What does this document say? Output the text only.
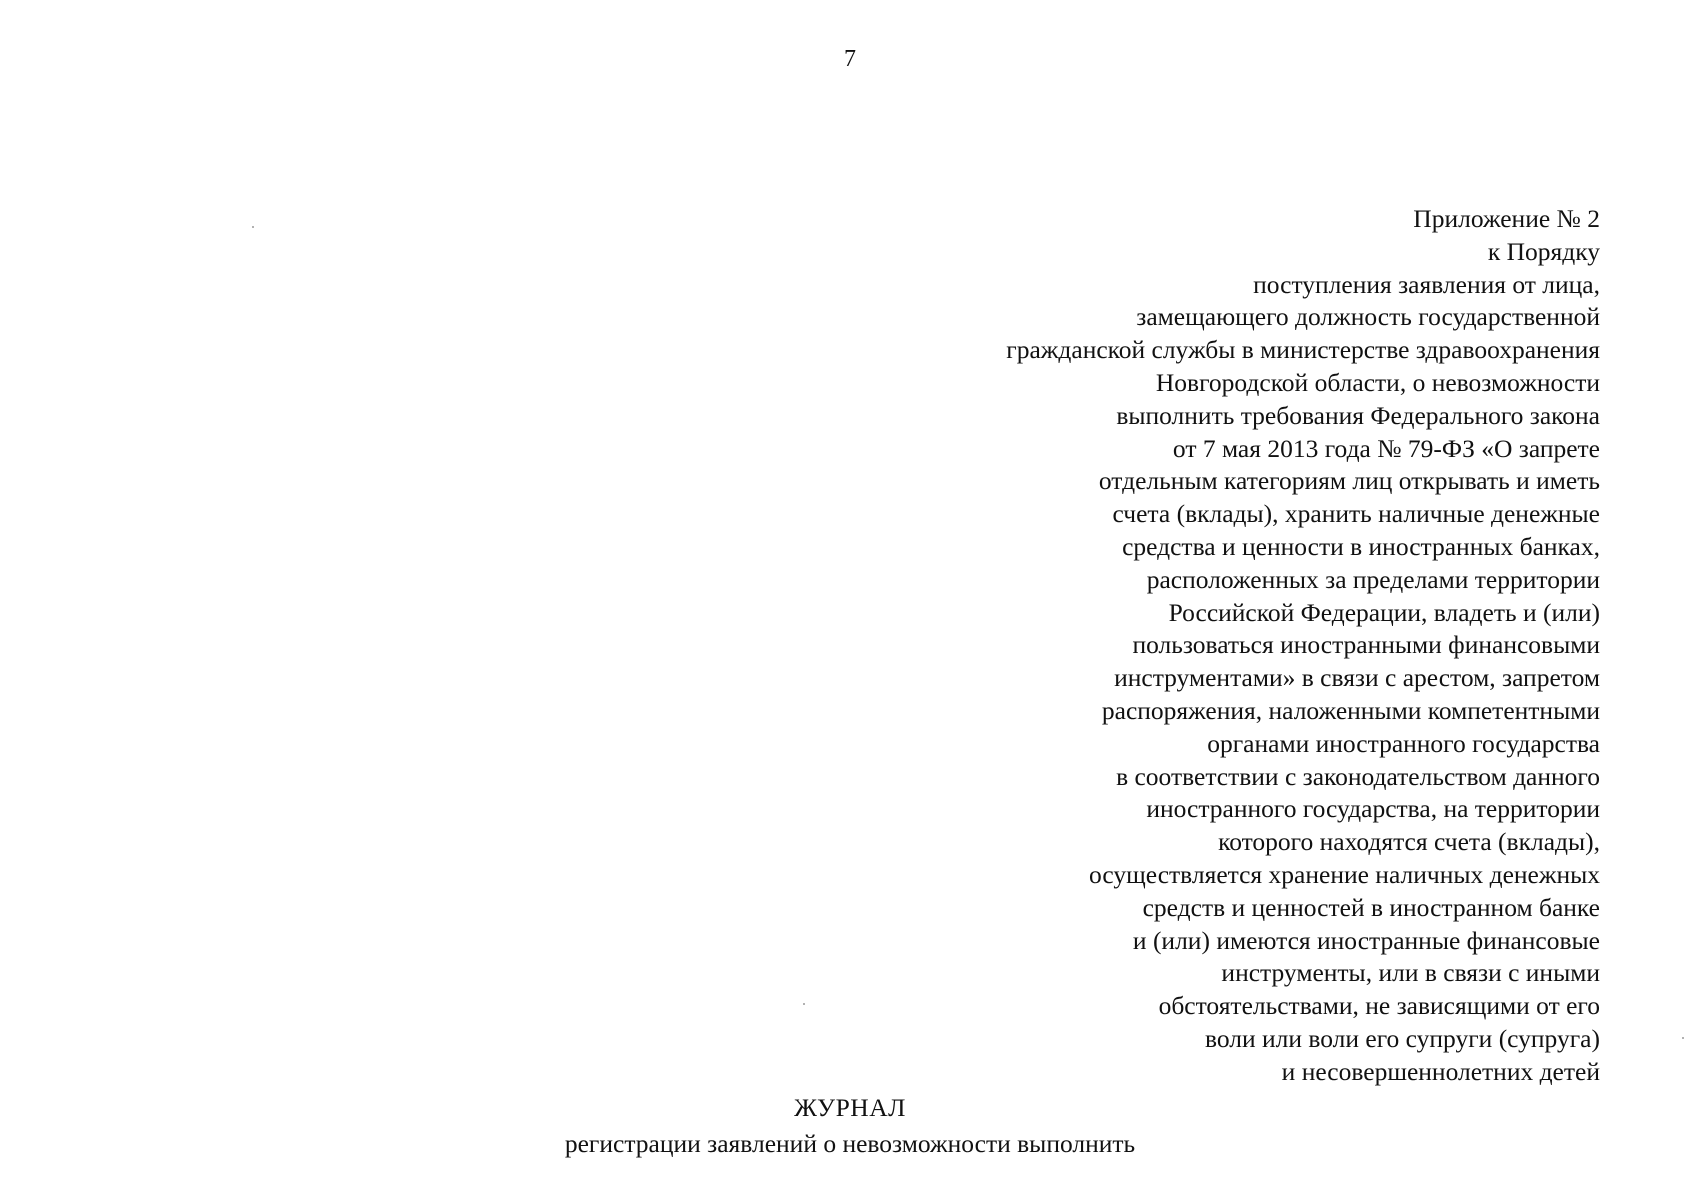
7
Приложение № 2
к Порядку
поступления заявления от лица,
замещающего должность государственной
гражданской службы в министерстве здравоохранения
Новгородской области, о невозможности
выполнить требования Федерального закона
от 7 мая 2013 года № 79-ФЗ «О запрете
отдельным категориям лиц открывать и иметь
счета (вклады), хранить наличные денежные
средства и ценности в иностранных банках,
расположенных за пределами территории
Российской Федерации, владеть и (или)
пользоваться иностранными финансовыми
инструментами» в связи с арестом, запретом
распоряжения, наложенными компетентными
органами иностранного государства
в соответствии с законодательством данного
иностранного государства, на территории
которого находятся счета (вклады),
осуществляется хранение наличных денежных
средств и ценностей в иностранном банке
и (или) имеются иностранные финансовые
инструменты, или в связи с иными
обстоятельствами, не зависящими от его
воли или воли его супруги (супруга)
и несовершеннолетних детей
ЖУРНАЛ
регистрации заявлений о невозможности выполнить
